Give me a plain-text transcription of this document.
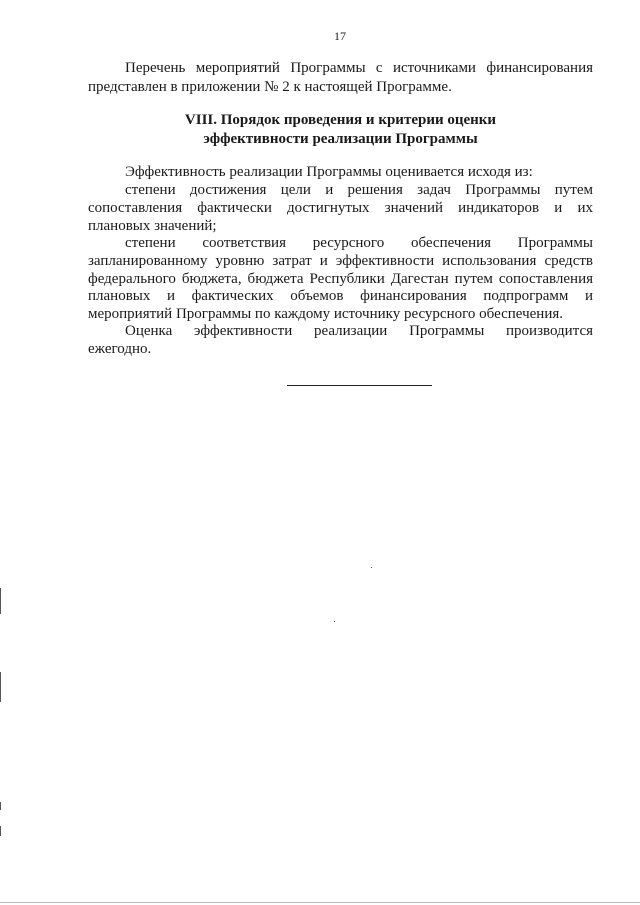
17
Перечень мероприятий Программы с источниками финансирования
представлен в приложении № 2 к настоящей Программе.
VIII. Порядок проведения и критерии оценки
эффективности реализации Программы
Эффективность реализации Программы оценивается исходя из:
степени достижения цели и решения задач Программы путем
сопоставления фактически достигнутых значений индикаторов и их
плановых значений;
степени соответствия ресурсного обеспечения Программы
запланированному уровню затрат и эффективности использования средств
федерального бюджета, бюджета Республики Дагестан путем сопоставления
плановых и фактических объемов финансирования подпрограмм и
мероприятий Программы по каждому источнику ресурсного обеспечения.
Оценка эффективности реализации Программы производится
ежегодно.
